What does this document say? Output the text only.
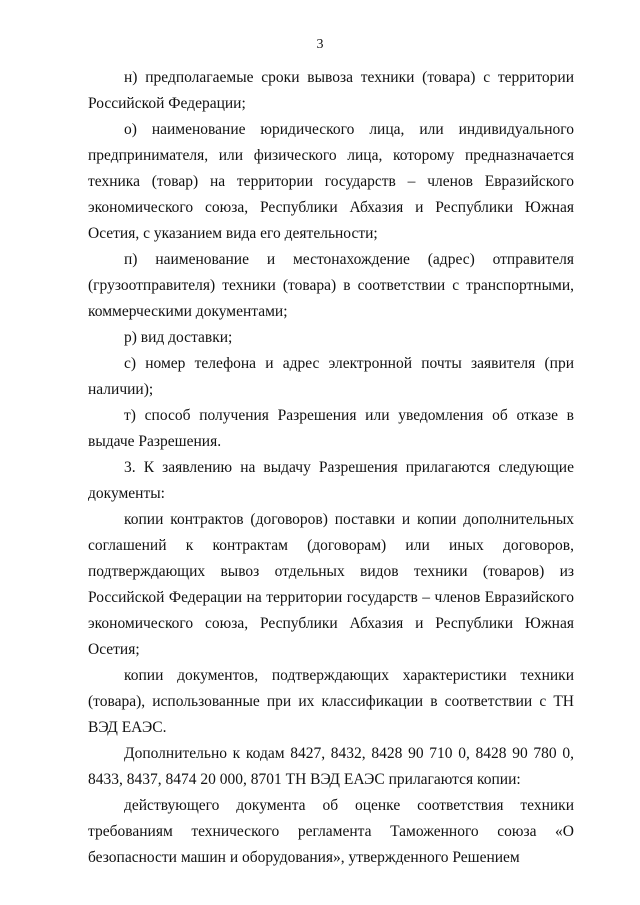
3

н) предполагаемые сроки вывоза техники (товара) с территории Российской Федерации;

о) наименование юридического лица, или индивидуального предпринимателя, или физического лица, которому предназначается техника (товар) на территории государств – членов Евразийского экономического союза, Республики Абхазия и Республики Южная Осетия, с указанием вида его деятельности;

п) наименование и местонахождение (адрес) отправителя (грузоотправителя) техники (товара) в соответствии с транспортными, коммерческими документами;

р) вид доставки;

с) номер телефона и адрес электронной почты заявителя (при наличии);

т) способ получения Разрешения или уведомления об отказе в выдаче Разрешения.

3. К заявлению на выдачу Разрешения прилагаются следующие документы:

копии контрактов (договоров) поставки и копии дополнительных соглашений к контрактам (договорам) или иных договоров, подтверждающих вывоз отдельных видов техники (товаров) из Российской Федерации на территории государств – членов Евразийского экономического союза, Республики Абхазия и Республики Южная Осетия;

копии документов, подтверждающих характеристики техники (товара), использованные при их классификации в соответствии с ТН ВЭД ЕАЭС.

Дополнительно к кодам 8427, 8432, 8428 90 710 0, 8428 90 780 0, 8433, 8437, 8474 20 000, 8701 ТН ВЭД ЕАЭС прилагаются копии:

действующего документа об оценке соответствия техники требованиям технического регламента Таможенного союза «О безопасности машин и оборудования», утвержденного Решением
